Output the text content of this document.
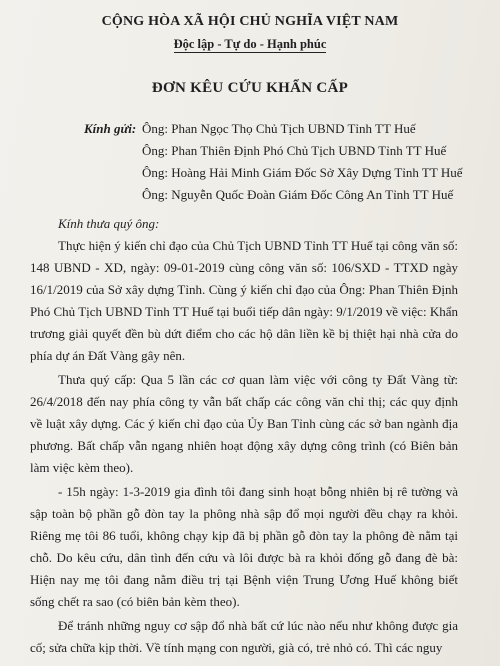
CỘNG HÒA XÃ HỘI CHỦ NGHĨA VIỆT NAM
Độc lập - Tự do - Hạnh phúc
ĐƠN KÊU CỨU KHẨN CẤP
Kính gửi: Ông: Phan Ngọc Thọ Chủ Tịch UBND Tỉnh TT Huế
Ông: Phan Thiên Định Phó Chủ Tịch UBND Tỉnh TT Huế
Ông: Hoàng Hải Minh Giám Đốc Sở Xây Dựng Tỉnh TT Huế
Ông: Nguyễn Quốc Đoàn Giám Đốc Công An Tỉnh TT Huế

Kính thưa quý ông:

Thực hiện ý kiến chỉ đạo của Chủ Tịch UBND Tỉnh TT Huế tại công văn số: 148 UBND - XD, ngày: 09-01-2019 cùng công văn số: 106/SXD - TTXD ngày 16/1/2019 của Sở xây dựng Tỉnh. Cùng ý kiến chỉ đạo của Ông: Phan Thiên Định Phó Chủ Tịch UBND Tỉnh TT Huế tại buổi tiếp dân ngày: 9/1/2019 về việc: Khẩn trương giải quyết đền bù dứt điểm cho các hộ dân liền kề bị thiệt hại nhà cửa do phía dự án Đất Vàng gây nên.

Thưa quý cấp: Qua 5 lần các cơ quan làm việc với công ty Đất Vàng từ: 26/4/2018 đến nay phía công ty vẫn bất chấp các công văn chỉ thị; các quy định về luật xây dựng. Các ý kiến chỉ đạo của Ủy Ban Tỉnh cùng các sở ban ngành địa phương. Bất chấp vẫn ngang nhiên hoạt động xây dựng công trình (có Biên bản làm việc kèm theo).

- 15h ngày: 1-3-2019 gia đình tôi đang sinh hoạt bỗng nhiên bị rê tường và sập toàn bộ phần gỗ đòn tay la phông nhà sập đổ mọi người đều chạy ra khỏi. Riêng mẹ tôi 86 tuổi, không chạy kịp đã bị phần gỗ đòn tay la phông đè nằm tại chỗ. Do kêu cứu, dân tình đến cứu và lôi được bà ra khỏi đống gỗ đang đè bà: Hiện nay mẹ tôi đang nằm điều trị tại Bệnh viện Trung Ương Huế không biết sống chết ra sao (có biên bản kèm theo).

Để tránh những nguy cơ sập đổ nhà bất cứ lúc nào nếu như không được gia cố; sửa chữa kịp thời. Về tính mạng con người, già có, trẻ nhỏ có. Thì các nguy
